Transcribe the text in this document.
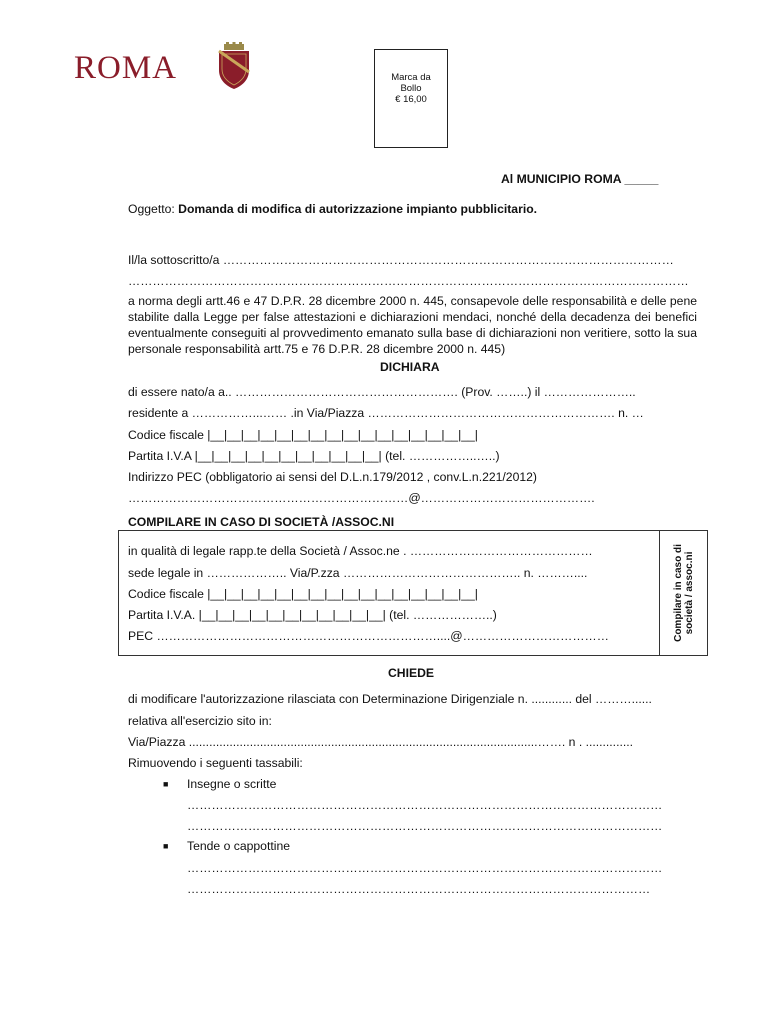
ROMA	Marca da
Bollo
€ 16,00
Al MUNICIPIO ROMA _____
Oggetto: Domanda di modifica di autorizzazione impianto pubblicitario.
Il/la sottoscritto/a …………………………………………………………………………………………………
…………………………………………………………………………………………………………………………
a norma degli artt.46 e 47 D.P.R. 28 dicembre 2000 n. 445, consapevole delle responsabilità e delle pene stabilite dalla Legge per false attestazioni e dichiarazioni mendaci, nonché della decadenza dei benefici eventualmente conseguiti al provvedimento emanato sulla base di dichiarazioni non veritiere, sotto la sua personale responsabilità artt.75 e 76 D.P.R. 28 dicembre 2000 n. 445)
DICHIARA
di essere nato/a a.. ………………………………………………. (Prov. ……..) il …………………..
residente a ……………...…… .in Via/Piazza ……………………………………………………. n. …
Codice fiscale |__|__|__|__|__|__|__|__|__|__|__|__|__|__|__|__|
Partita I.V.A |__|__|__|__|__|__|__|__|__|__|__| (tel. ……………..…..)
Indirizzo PEC (obbligatorio ai sensi del D.L.n.179/2012 , conv.L.n.221/2012)
……………………………………………………………@…………………………………….
COMPILARE IN CASO DI SOCIETÀ /ASSOC.NI
Compilare in caso di società / assoc.ni
in qualità di legale rapp.te della Società / Assoc.ne . ………………………………………
sede legale in ……………….. Via/P.zza …………………………………….. n. ………....
Codice fiscale |__|__|__|__|__|__|__|__|__|__|__|__|__|__|__|__|
Partita I.V.A. |__|__|__|__|__|__|__|__|__|__|__| (tel. ………………..)
PEC ……………………………………………………………....@………………………………
CHIEDE
di modificare l'autorizzazione rilasciata con Determinazione Dirigenziale n. ............ del ………......
relativa all'esercizio sito in:
Via/Piazza .......................................................................................................……. n . ..............
Rimuovendo i seguenti tassabili:
■ Insegne o scritte
………………………………………………………………………………………………………
………………………………………………………………………………………………………
■ Tende o cappottine
………………………………………………………………………………………………………
……………………………………………………………………………………………………
